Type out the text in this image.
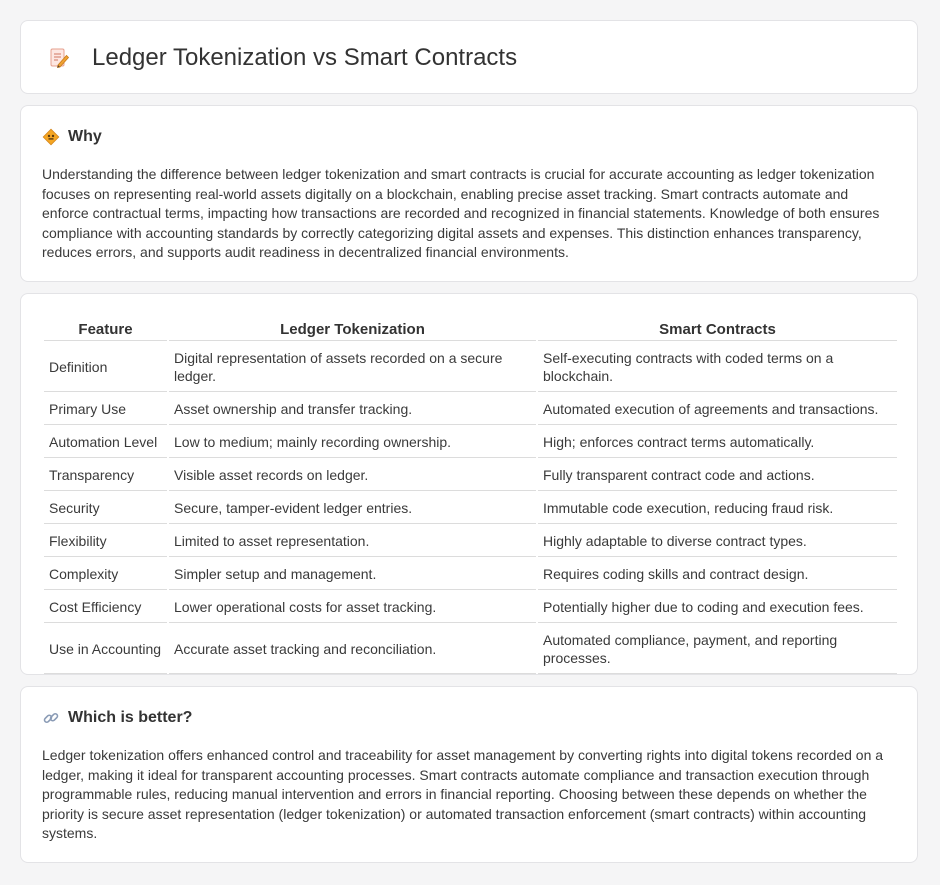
Ledger Tokenization vs Smart Contracts
Why

Understanding the difference between ledger tokenization and smart contracts is crucial for accurate accounting as ledger tokenization focuses on representing real-world assets digitally on a blockchain, enabling precise asset tracking. Smart contracts automate and enforce contractual terms, impacting how transactions are recorded and recognized in financial statements. Knowledge of both ensures compliance with accounting standards by correctly categorizing digital assets and expenses. This distinction enhances transparency, reduces errors, and supports audit readiness in decentralized financial environments.

Feature	Ledger Tokenization	Smart Contracts
Definition	Digital representation of assets recorded on a secure ledger.	Self-executing contracts with coded terms on a blockchain.
Primary Use	Asset ownership and transfer tracking.	Automated execution of agreements and transactions.
Automation Level	Low to medium; mainly recording ownership.	High; enforces contract terms automatically.
Transparency	Visible asset records on ledger.	Fully transparent contract code and actions.
Security	Secure, tamper-evident ledger entries.	Immutable code execution, reducing fraud risk.
Flexibility	Limited to asset representation.	Highly adaptable to diverse contract types.
Complexity	Simpler setup and management.	Requires coding skills and contract design.
Cost Efficiency	Lower operational costs for asset tracking.	Potentially higher due to coding and execution fees.
Use in Accounting	Accurate asset tracking and reconciliation.	Automated compliance, payment, and reporting processes.
Which is better?

Ledger tokenization offers enhanced control and traceability for asset management by converting rights into digital tokens recorded on a ledger, making it ideal for transparent accounting processes. Smart contracts automate compliance and transaction execution through programmable rules, reducing manual intervention and errors in financial reporting. Choosing between these depends on whether the priority is secure asset representation (ledger tokenization) or automated transaction enforcement (smart contracts) within accounting systems.
